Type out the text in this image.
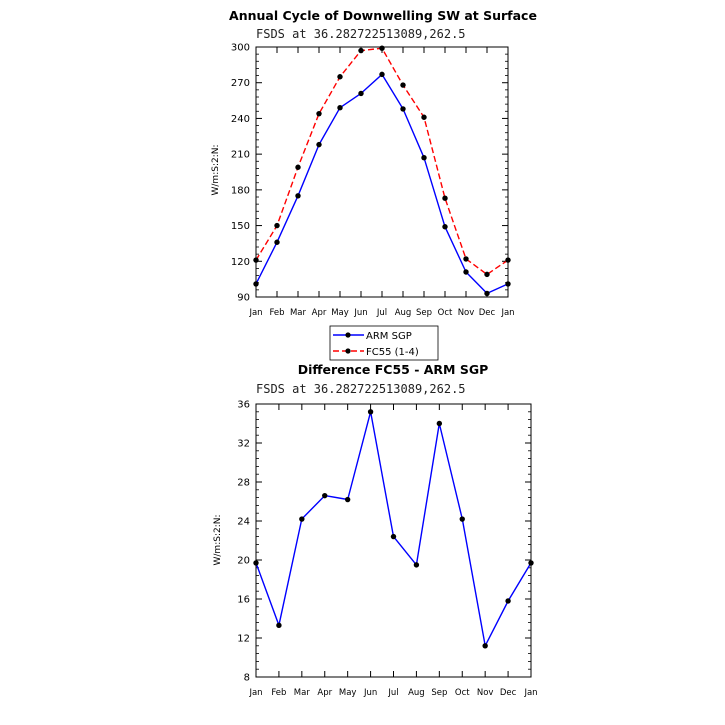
Annual Cycle of Downwelling SW at Surface
FSDS at 36.282722513089,262.5
W/m:S:2:N:
90
120
150
180
210
240
270
300
Jan Feb Mar Apr May Jun Jul Aug Sep Oct Nov Dec Jan
ARM SGP
FC55 (1-4)
Difference FC55 - ARM SGP
FSDS at 36.282722513089,262.5
W/m:S:2:N:
8
12
16
20
24
28
32
36
Jan Feb Mar Apr May Jun Jul Aug Sep Oct Nov Dec Jan
